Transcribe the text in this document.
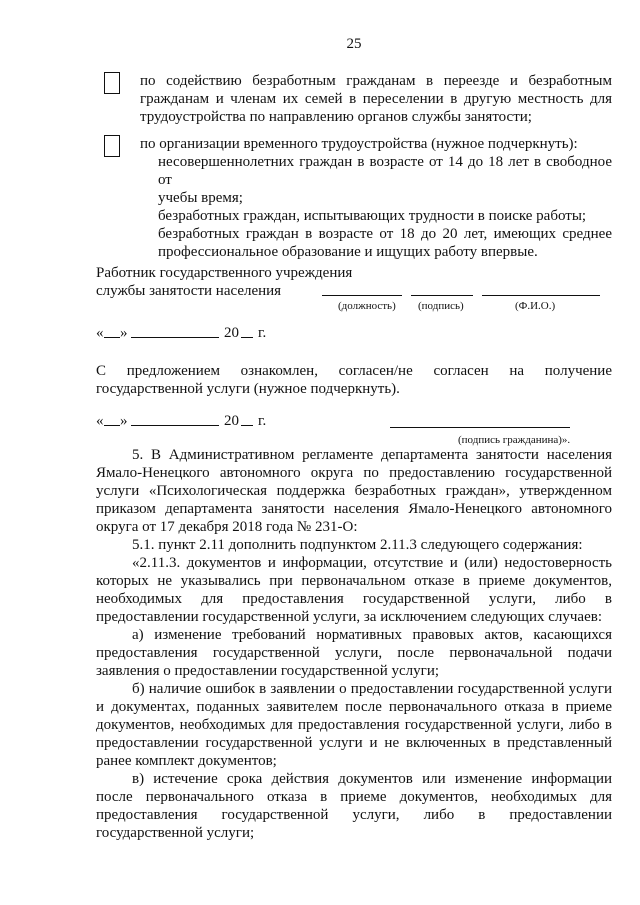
25
по содействию безработным гражданам в переезде и безработным
гражданам и членам их семей в переселении в другую местность для
трудоустройства по направлению органов службы занятости;
по организации временного трудоустройства (нужное подчеркнуть):
несовершеннолетних граждан в возрасте от 14 до 18 лет в свободное от
учебы время;
безработных граждан, испытывающих трудности в поиске работы;
безработных граждан в возрасте от 18 до 20 лет, имеющих среднее
профессиональное образование и ищущих работу впервые.
Работник государственного учреждения
службы занятости населения
(должность) (подпись)	(Ф.И.О.)
« »	20 г.
С предложением ознакомлен, согласен/не согласен на получение
государственной услуги (нужное подчеркнуть).
« »	20 г.
(подпись гражданина)».
5. В Административном регламенте департамента занятости населения
Ямало-Ненецкого автономного округа по предоставлению государственной
услуги «Психологическая поддержка безработных граждан», утвержденном
приказом департамента занятости населения Ямало-Ненецкого автономного
округа от 17 декабря 2018 года № 231-О:
5.1. пункт 2.11 дополнить подпунктом 2.11.3 следующего содержания:
«2.11.3. документов и информации, отсутствие и (или) недостоверность
которых не указывались при первоначальном отказе в приеме документов,
необходимых для предоставления государственной услуги, либо в
предоставлении государственной услуги, за исключением следующих случаев:
а) изменение требований нормативных правовых актов, касающихся
предоставления государственной услуги, после первоначальной подачи
заявления о предоставлении государственной услуги;
б) наличие ошибок в заявлении о предоставлении государственной услуги
и документах, поданных заявителем после первоначального отказа в приеме
документов, необходимых для предоставления государственной услуги, либо в
предоставлении государственной услуги и не включенных в представленный
ранее комплект документов;
в) истечение срока действия документов или изменение информации
после первоначального отказа в приеме документов, необходимых для
предоставления государственной услуги, либо в предоставлении
государственной услуги;
